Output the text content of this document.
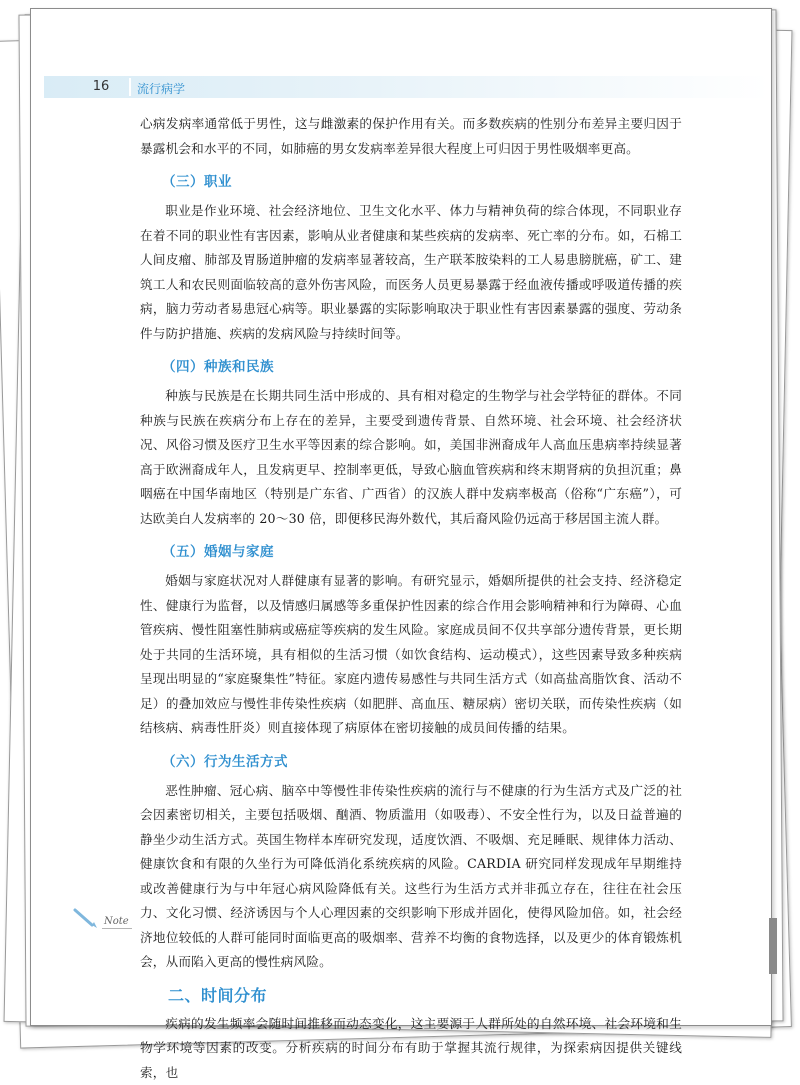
16	流行病学

心病发病率通常低于男性，这与雌激素的保护作用有关。而多数疾病的性别分布差异主要归因于暴露机会和水平的不同，如肺癌的男女发病率差异很大程度上可归因于男性吸烟率更高。

（三）职业

职业是作业环境、社会经济地位、卫生文化水平、体力与精神负荷的综合体现，不同职业存在着不同的职业性有害因素，影响从业者健康和某些疾病的发病率、死亡率的分布。如，石棉工人间皮瘤、肺部及胃肠道肿瘤的发病率显著较高，生产联苯胺染料的工人易患膀胱癌，矿工、建筑工人和农民则面临较高的意外伤害风险，而医务人员更易暴露于经血液传播或呼吸道传播的疾病，脑力劳动者易患冠心病等。职业暴露的实际影响取决于职业性有害因素暴露的强度、劳动条件与防护措施、疾病的发病风险与持续时间等。

（四）种族和民族

种族与民族是在长期共同生活中形成的、具有相对稳定的生物学与社会学特征的群体。不同种族与民族在疾病分布上存在的差异，主要受到遗传背景、自然环境、社会环境、社会经济状况、风俗习惯及医疗卫生水平等因素的综合影响。如，美国非洲裔成年人高血压患病率持续显著高于欧洲裔成年人，且发病更早、控制率更低，导致心脑血管疾病和终末期肾病的负担沉重；鼻咽癌在中国华南地区（特别是广东省、广西省）的汉族人群中发病率极高（俗称“广东癌”），可达欧美白人发病率的 20～30 倍，即便移民海外数代，其后裔风险仍远高于移居国主流人群。

（五）婚姻与家庭

婚姻与家庭状况对人群健康有显著的影响。有研究显示，婚姻所提供的社会支持、经济稳定性、健康行为监督，以及情感归属感等多重保护性因素的综合作用会影响精神和行为障碍、心血管疾病、慢性阻塞性肺病或癌症等疾病的发生风险。家庭成员间不仅共享部分遗传背景，更长期处于共同的生活环境，具有相似的生活习惯（如饮食结构、运动模式），这些因素导致多种疾病呈现出明显的“家庭聚集性”特征。家庭内遗传易感性与共同生活方式（如高盐高脂饮食、活动不足）的叠加效应与慢性非传染性疾病（如肥胖、高血压、糖尿病）密切关联，而传染性疾病（如结核病、病毒性肝炎）则直接体现了病原体在密切接触的成员间传播的结果。

（六）行为生活方式

恶性肿瘤、冠心病、脑卒中等慢性非传染性疾病的流行与不健康的行为生活方式及广泛的社会因素密切相关，主要包括吸烟、酗酒、物质滥用（如吸毒）、不安全性行为，以及日益普遍的静坐少动生活方式。英国生物样本库研究发现，适度饮酒、不吸烟、充足睡眠、规律体力活动、健康饮食和有限的久坐行为可降低消化系统疾病的风险。CARDIA 研究同样发现成年早期维持或改善健康行为与中年冠心病风险降低有关。这些行为生活方式并非孤立存在，往往在社会压力、文化习惯、经济诱因与个人心理因素的交织影响下形成并固化，使得风险加倍。如，社会经济地位较低的人群可能同时面临更高的吸烟率、营养不均衡的食物选择，以及更少的体育锻炼机会，从而陷入更高的慢性病风险。

二、时间分布

疾病的发生频率会随时间推移而动态变化，这主要源于人群所处的自然环境、社会环境和生物学环境等因素的改变。分析疾病的时间分布有助于掌握其流行规律，为探索病因提供关键线索，也

Note
